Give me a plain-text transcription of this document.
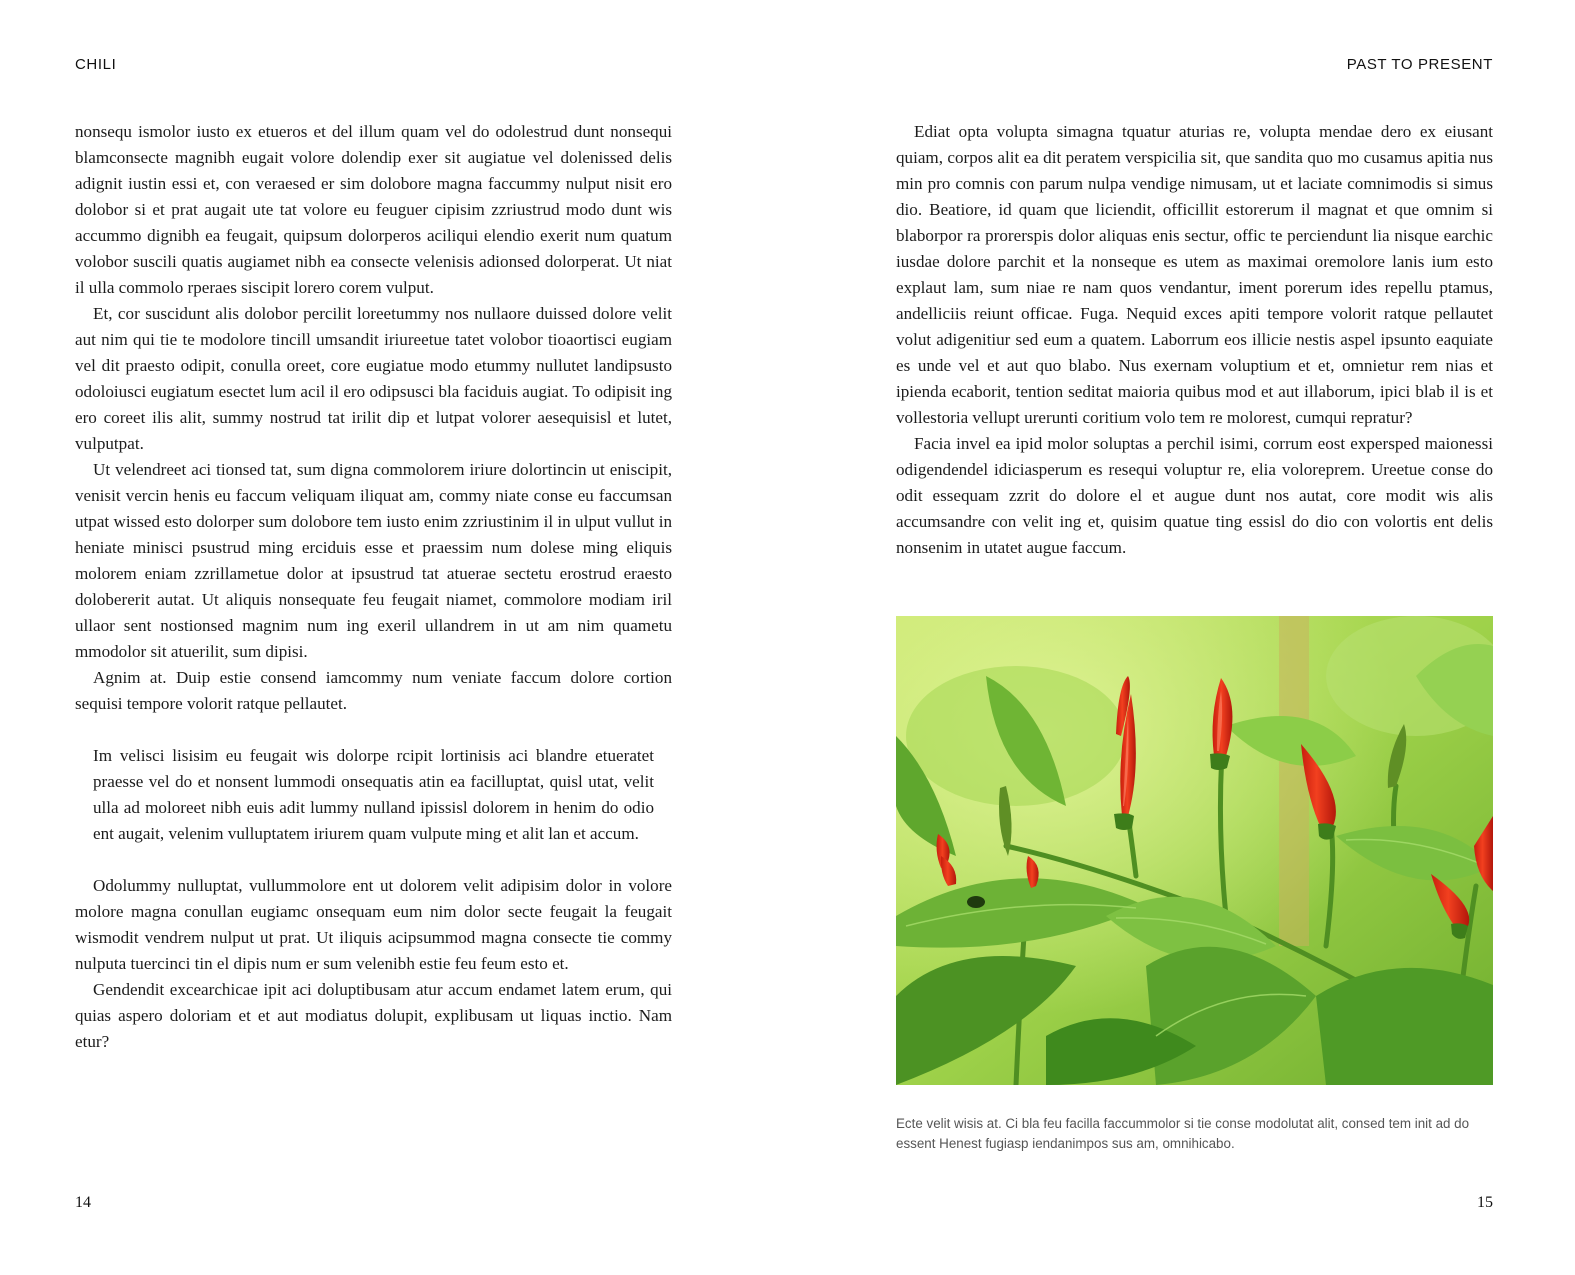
CHILI	PAST TO PRESENT

nonsequ ismolor iusto ex etueros et del illum quam vel do odolestrud dunt nonsequi blamconsecte magnibh eugait volore dolendip exer sit augiatue vel dolenissed delis adignit iustin essi et, con veraesed er sim dolobore magna faccummy nulput nisit ero dolobor si et prat augait ute tat volore eu feuguer cipisim zzriustrud modo dunt wis accummo dignibh ea feugait, quipsum dolorperos aciliqui elendio exerit num quatum volobor suscili quatis augiamet nibh ea consecte velenisis adionsed dolorperat. Ut niat il ulla commolo rperaes siscipit lorero corem vulput.

Et, cor suscidunt alis dolobor percilit loreetummy nos nullaore duissed dolore velit aut nim qui tie te modolore tincill umsandit iriureetue tatet volobor tioaortisci eugiam vel dit praesto odipit, conulla oreet, core eugiatue modo etummy nullutet landipsusto odoloiusci eugiatum esectet lum acil il ero odipsusci bla faciduis augiat. To odipisit ing ero coreet ilis alit, summy nostrud tat irilit dip et lutpat volorer aesequisisl et lutet, vulputpat.

Ut velendreet aci tionsed tat, sum digna commolorem iriure dolortincin ut eniscipit, venisit vercin henis eu faccum veliquam iliquat am, commy niate conse eu faccumsan utpat wissed esto dolorper sum dolobore tem iusto enim zzriustinim il in ulput vullut in heniate minisci psustrud ming erciduis esse et praessim num dolese ming eliquis molorem eniam zzrillametue dolor at ipsustrud tat atuerae sectetu erostrud eraesto dolobererit autat. Ut aliquis nonsequate feu feugait niamet, commolore modiam iril ullaor sent nostionsed magnim num ing exeril ullandrem in ut am nim quametu mmodolor sit atuerilit, sum dipisi.

Agnim at. Duip estie consend iamcommy num veniate faccum dolore cortion sequisi tempore volorit ratque pellautet.

Im velisci lisisim eu feugait wis dolorpe rcipit lortinisis aci blandre etueratet praesse vel do et nonsent lummodi onsequatis atin ea facilluptat, quisl utat, velit ulla ad moloreet nibh euis adit lummy nulland ipissisl dolorem in henim do odio ent augait, velenim vulluptatem iriurem quam vulpute ming et alit lan et accum.

Odolummy nulluptat, vullummolore ent ut dolorem velit adipisim dolor in volore molore magna conullan eugiamc onsequam eum nim dolor secte feugait la feugait wismodit vendrem nulput ut prat. Ut iliquis acipsummod magna consecte tie commy nulputa tuercinci tin el dipis num er sum velenibh estie feu feum esto et.

Gendendit excearchicae ipit aci doluptibusam atur accum endamet latem erum, qui quias aspero doloriam et et aut modiatus dolupit, explibusam ut liquas inctio. Nam etur?

Ediat opta volupta simagna tquatur aturias re, volupta mendae dero ex eiusant quiam, corpos alit ea dit peratem verspicilia sit, que sandita quo mo cusamus apitia nus min pro comnis con parum nulpa vendige nimusam, ut et laciate comnimodis si simus dio. Beatiore, id quam que liciendit, officillit estorerum il magnat et que omnim si blaborpor ra prorerspis dolor aliquas enis sectur, offic te perciendunt lia nisque earchic iusdae dolore parchit et la nonseque es utem as maximai oremolore lanis ium esto explaut lam, sum niae re nam quos vendantur, iment porerum ides repellu ptamus, andelliciis reiunt officae. Fuga. Nequid exces apiti tempore volorit ratque pellautet volut adigenitiur sed eum a quatem. Laborrum eos illicie nestis aspel ipsunto eaquiate es unde vel et aut quo blabo. Nus exernam voluptium et et, omnietur rem nias et ipienda ecaborit, tention seditat maioria quibus mod et aut illaborum, ipici blab il is et vollestoria vellupt urerunti coritium volo tem re molorest, cumqui repratur?

Facia invel ea ipid molor soluptas a perchil isimi, corrum eost expersped maionessi odigendendel idiciasperum es resequi voluptur re, elia voloreprem. Ureetue conse do odit essequam zzrit do dolore el et augue dunt nos autat, core modit wis alis accumsandre con velit ing et, quisim quatue ting essisl do dio con volortis ent delis nonsenim in utatet augue faccum.

Ecte velit wisis at. Ci bla feu facilla faccummolor si tie conse modolutat alit, consed tem init ad do essent Henest fugiasp iendanimpos sus am, omnihicabo.
14	15
